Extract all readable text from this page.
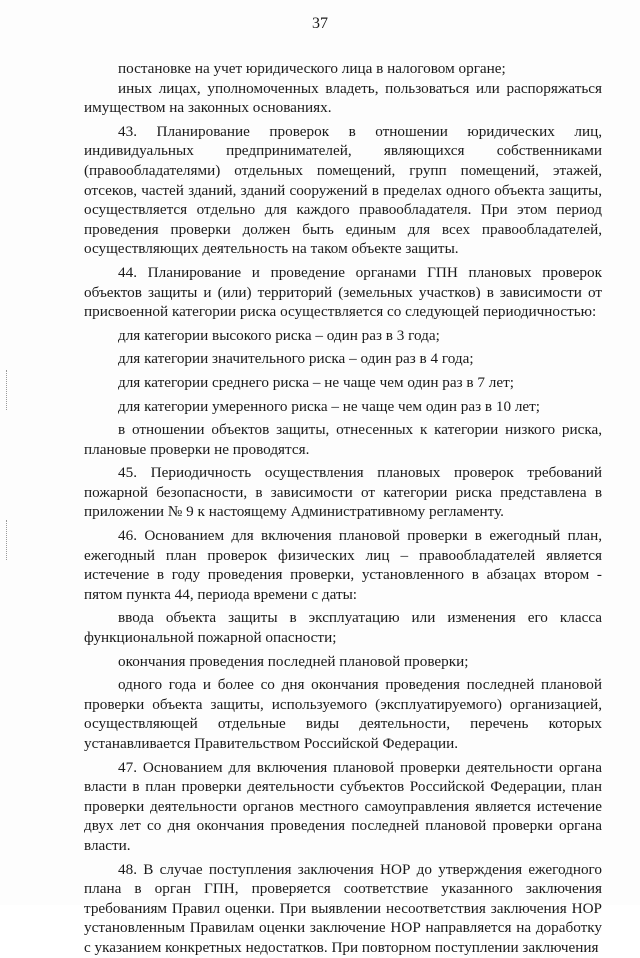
37

постановке на учет юридического лица в налоговом органе;

иных лицах, уполномоченных владеть, пользоваться или распоряжаться имуществом на законных основаниях.

43. Планирование проверок в отношении юридических лиц, индивидуальных предпринимателей, являющихся собственниками (правообладателями) отдельных помещений, групп помещений, этажей, отсеков, частей зданий, зданий сооружений в пределах одного объекта защиты, осуществляется отдельно для каждого правообладателя. При этом период проведения проверки должен быть единым для всех правообладателей, осуществляющих деятельность на таком объекте защиты.

44. Планирование и проведение органами ГПН плановых проверок объектов защиты и (или) территорий (земельных участков) в зависимости от присвоенной категории риска осуществляется со следующей периодичностью:

для категории высокого риска – один раз в 3 года;

для категории значительного риска – один раз в 4 года;

для категории среднего риска – не чаще чем один раз в 7 лет;

для категории умеренного риска – не чаще чем один раз в 10 лет;

в отношении объектов защиты, отнесенных к категории низкого риска, плановые проверки не проводятся.

45. Периодичность осуществления плановых проверок требований пожарной безопасности, в зависимости от категории риска представлена в приложении № 9 к настоящему Административному регламенту.

46. Основанием для включения плановой проверки в ежегодный план, ежегодный план проверок физических лиц – правообладателей является истечение в году проведения проверки, установленного в абзацах втором - пятом пункта 44, периода времени с даты:

ввода объекта защиты в эксплуатацию или изменения его класса функциональной пожарной опасности;

окончания проведения последней плановой проверки;

одного года и более со дня окончания проведения последней плановой проверки объекта защиты, используемого (эксплуатируемого) организацией, осуществляющей отдельные виды деятельности, перечень которых устанавливается Правительством Российской Федерации.

47. Основанием для включения плановой проверки деятельности органа власти в план проверки деятельности субъектов Российской Федерации, план проверки деятельности органов местного самоуправления является истечение двух лет со дня окончания проведения последней плановой проверки органа власти.

48. В случае поступления заключения НОР до утверждения ежегодного плана в орган ГПН, проверяется соответствие указанного заключения требованиям Правил оценки. При выявлении несоответствия заключения НОР установленным Правилам оценки заключение НОР направляется на доработку с указанием конкретных недостатков. При повторном поступлении заключения
